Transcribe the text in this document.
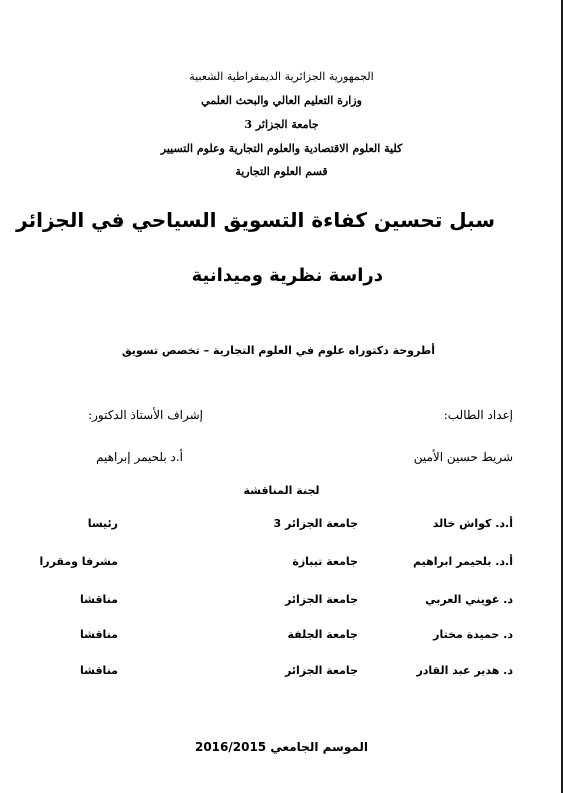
الجمهورية الجزائرية الديمقراطية الشعبية
وزارة التعليم العالي والبحث العلمي
جامعة الجزائر 3
كلية العلوم الاقتصادية والعلوم التجارية وعلوم التسيير
قسم العلوم التجارية
سبل تحسين كفاءة التسويق السياحي في الجزائر
دراسة نظرية وميدانية
أطروحة دكتوراه علوم في العلوم التجارية – تخصص تسويق
إعداد الطالب:
إشراف الأستاذ الدكتور:
شريط حسين الأمين
أ.د بلحيمر إبراهيم
لجنة المناقشة
أ.د. كواش خالد
جامعة الجزائر 3
رئيسا
أ.د. بلحيمر ابراهيم
جامعة تيبازة
مشرفا ومقررا
د. غويني العربي
جامعة الجزائر
مناقشا
د. حميدة مختار
جامعة الجلفة
مناقشا
د. هدير عبد القادر
جامعة الجزائر
مناقشا
الموسم الجامعي 2016/2015
